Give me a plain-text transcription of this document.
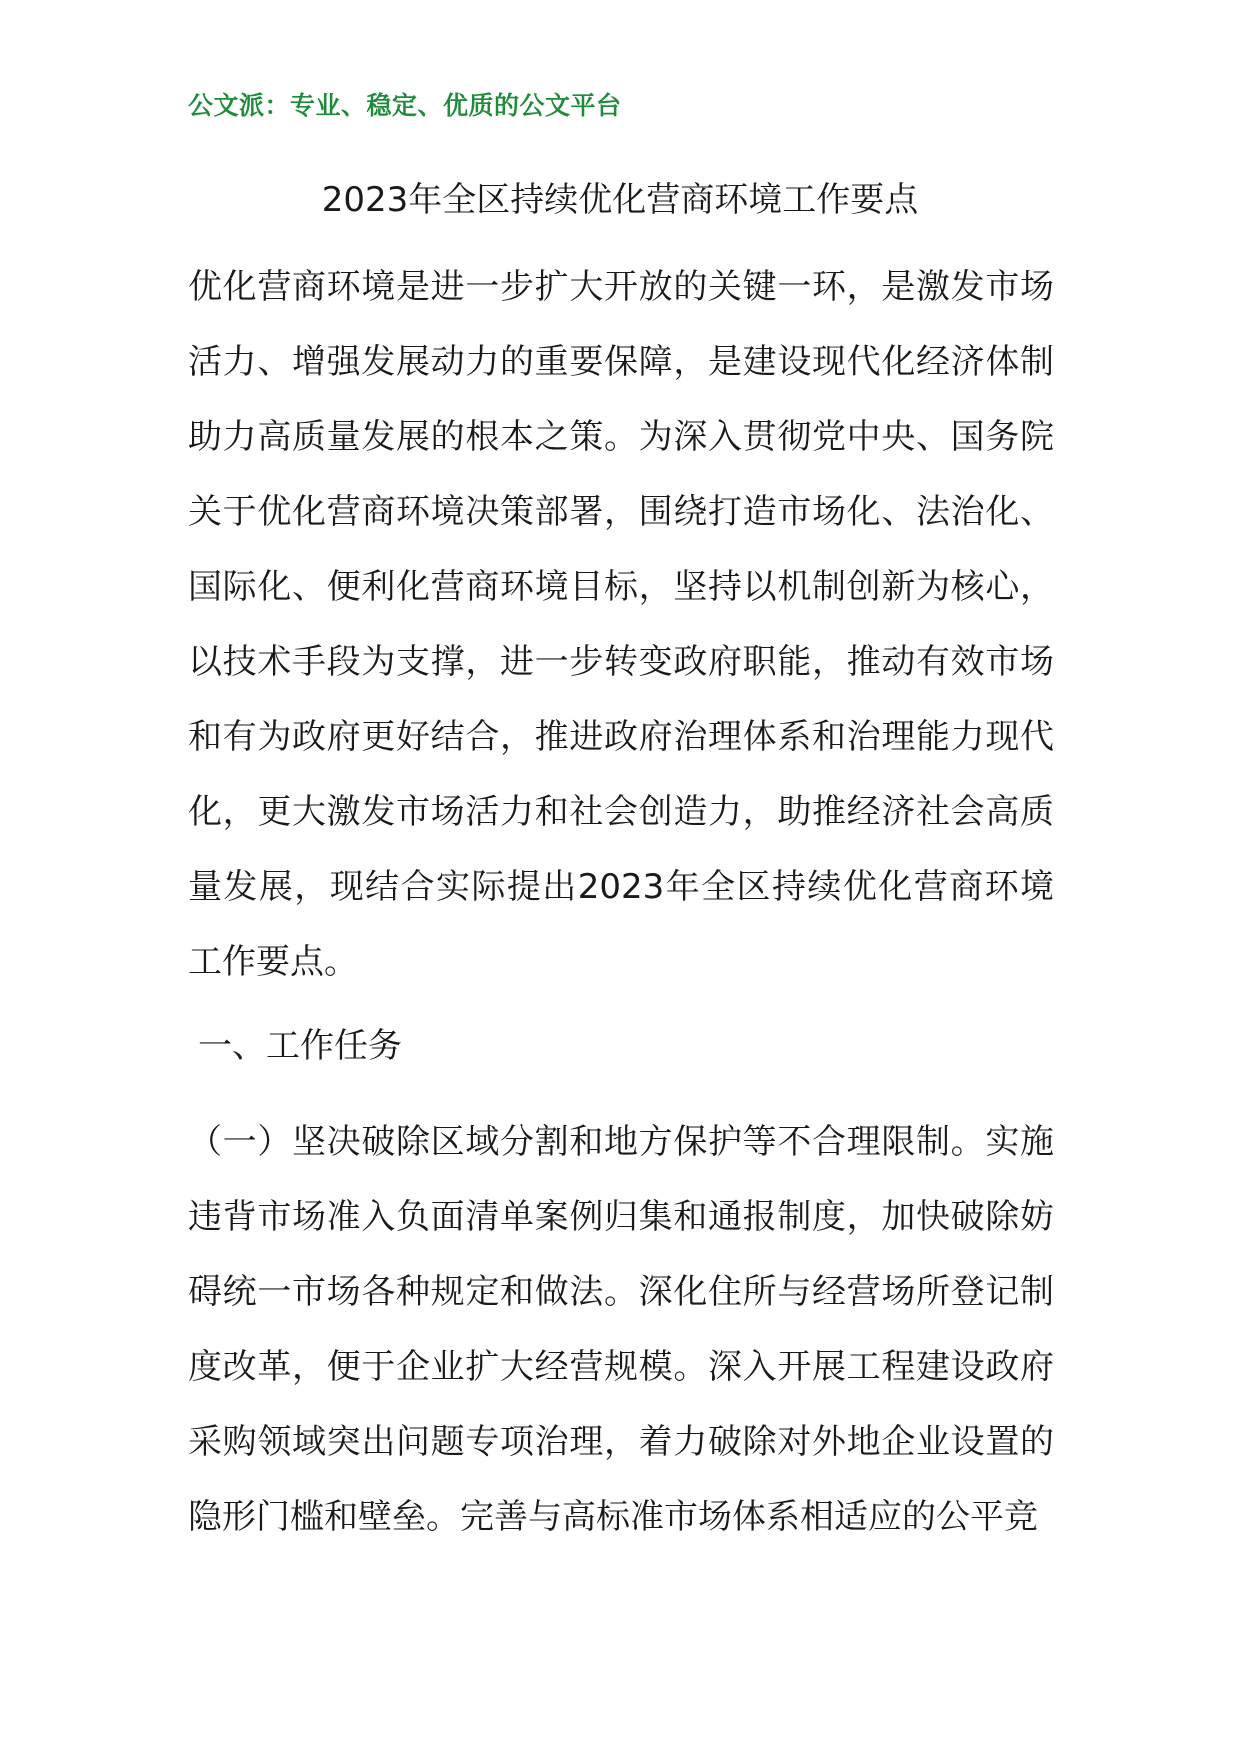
公文派：专业、稳定、优质的公文平台
2023年全区持续优化营商环境工作要点

优化营商环境是进一步扩大开放的关键一环，是激发市场活力、增强发展动力的重要保障，是建设现代化经济体制助力高质量发展的根本之策。为深入贯彻党中央、国务院关于优化营商环境决策部署，围绕打造市场化、法治化、国际化、便利化营商环境目标，坚持以机制创新为核心，以技术手段为支撑，进一步转变政府职能，推动有效市场和有为政府更好结合，推进政府治理体系和治理能力现代化，更大激发市场活力和社会创造力，助推经济社会高质量发展，现结合实际提出2023年全区持续优化营商环境工作要点。

一、工作任务

（一）坚决破除区域分割和地方保护等不合理限制。实施违背市场准入负面清单案例归集和通报制度，加快破除妨碍统一市场各种规定和做法。深化住所与经营场所登记制度改革，便于企业扩大经营规模。深入开展工程建设政府采购领域突出问题专项治理，着力破除对外地企业设置的隐形门槛和壁垒。完善与高标准市场体系相适应的公平竞
